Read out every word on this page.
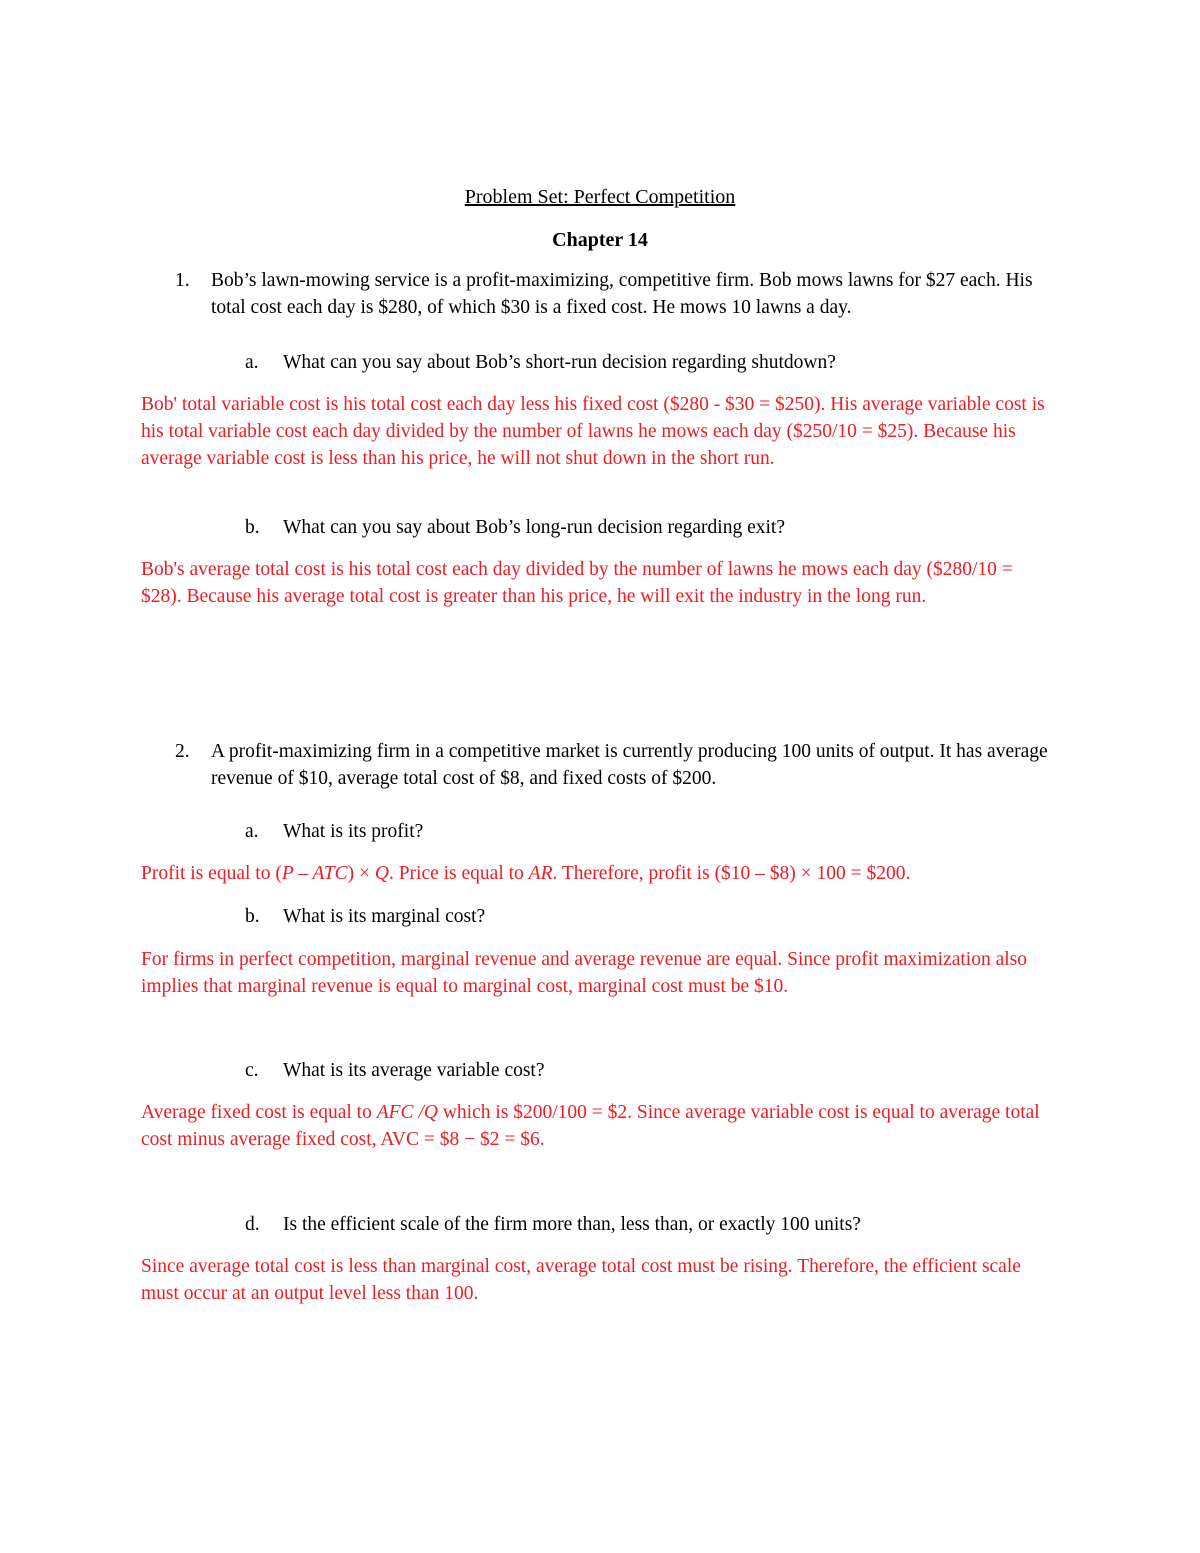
Problem Set: Perfect Competition
Chapter 14
1. Bob’s lawn-mowing service is a profit-maximizing, competitive firm. Bob mows lawns for $27 each. His total cost each day is $280, of which $30 is a fixed cost. He mows 10 lawns a day.
a. What can you say about Bob’s short-run decision regarding shutdown?
Bob' total variable cost is his total cost each day less his fixed cost ($280 - $30 = $250). His average variable cost is his total variable cost each day divided by the number of lawns he mows each day ($250/10 = $25). Because his average variable cost is less than his price, he will not shut down in the short run.
b. What can you say about Bob’s long-run decision regarding exit?
Bob's average total cost is his total cost each day divided by the number of lawns he mows each day ($280/10 = $28). Because his average total cost is greater than his price, he will exit the industry in the long run.
2. A profit-maximizing firm in a competitive market is currently producing 100 units of output. It has average revenue of $10, average total cost of $8, and fixed costs of $200.
a. What is its profit?
Profit is equal to (P – ATC) × Q. Price is equal to AR. Therefore, profit is ($10 – $8) × 100 = $200.
b. What is its marginal cost?
For firms in perfect competition, marginal revenue and average revenue are equal. Since profit maximization also implies that marginal revenue is equal to marginal cost, marginal cost must be $10.
c. What is its average variable cost?
Average fixed cost is equal to AFC /Q which is $200/100 = $2. Since average variable cost is equal to average total cost minus average fixed cost, AVC = $8 − $2 = $6.
d. Is the efficient scale of the firm more than, less than, or exactly 100 units?
Since average total cost is less than marginal cost, average total cost must be rising. Therefore, the efficient scale must occur at an output level less than 100.
